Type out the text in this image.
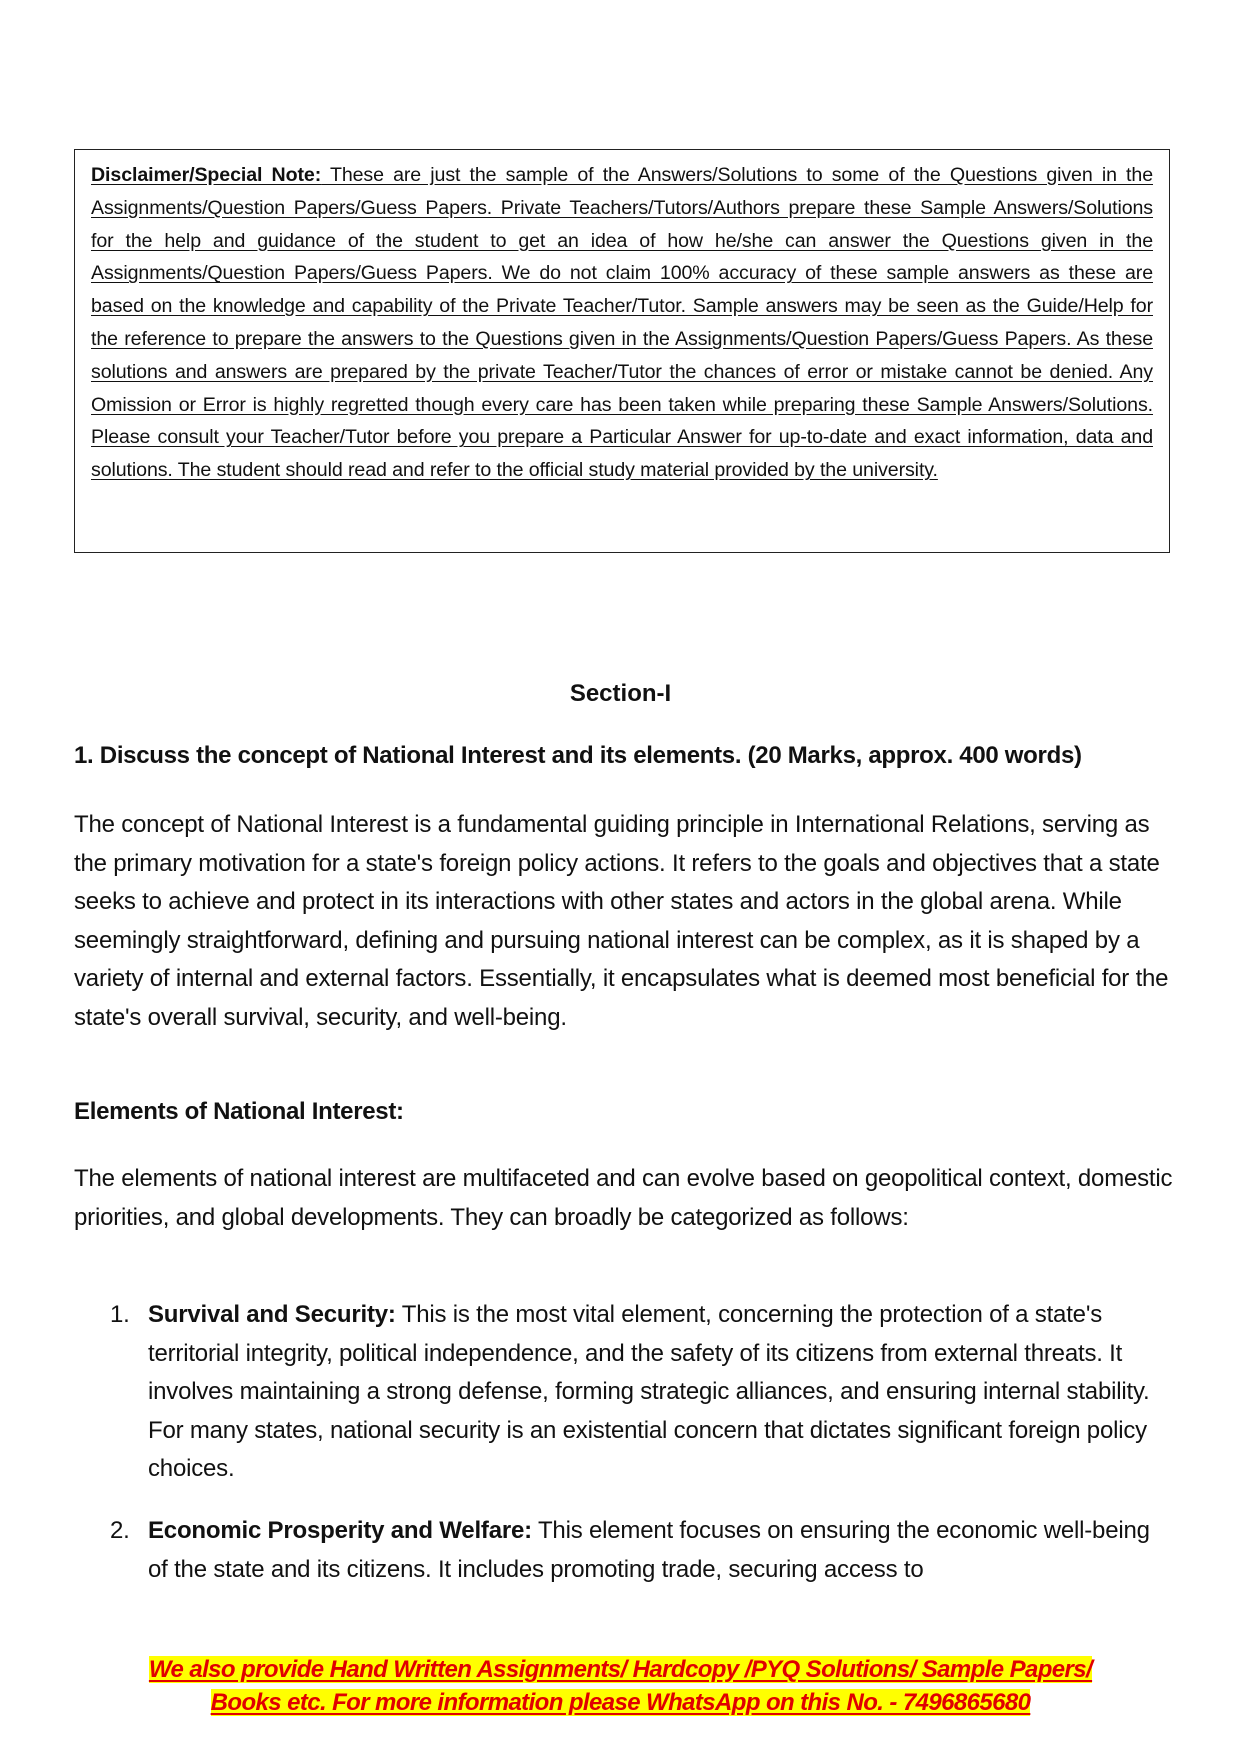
Disclaimer/Special Note: These are just the sample of the Answers/Solutions to some of the Questions given in the Assignments/Question Papers/Guess Papers. Private Teachers/Tutors/Authors prepare these Sample Answers/Solutions for the help and guidance of the student to get an idea of how he/she can answer the Questions given in the Assignments/Question Papers/Guess Papers. We do not claim 100% accuracy of these sample answers as these are based on the knowledge and capability of the Private Teacher/Tutor. Sample answers may be seen as the Guide/Help for the reference to prepare the answers to the Questions given in the Assignments/Question Papers/Guess Papers. As these solutions and answers are prepared by the private Teacher/Tutor the chances of error or mistake cannot be denied. Any Omission or Error is highly regretted though every care has been taken while preparing these Sample Answers/Solutions. Please consult your Teacher/Tutor before you prepare a Particular Answer for up-to-date and exact information, data and solutions. The student should read and refer to the official study material provided by the university.
Section-I
1. Discuss the concept of National Interest and its elements. (20 Marks, approx. 400 words)
The concept of National Interest is a fundamental guiding principle in International Relations, serving as the primary motivation for a state's foreign policy actions. It refers to the goals and objectives that a state seeks to achieve and protect in its interactions with other states and actors in the global arena. While seemingly straightforward, defining and pursuing national interest can be complex, as it is shaped by a variety of internal and external factors. Essentially, it encapsulates what is deemed most beneficial for the state's overall survival, security, and well-being.
Elements of National Interest:
The elements of national interest are multifaceted and can evolve based on geopolitical context, domestic priorities, and global developments. They can broadly be categorized as follows:
1. Survival and Security: This is the most vital element, concerning the protection of a state's territorial integrity, political independence, and the safety of its citizens from external threats. It involves maintaining a strong defense, forming strategic alliances, and ensuring internal stability. For many states, national security is an existential concern that dictates significant foreign policy choices.
2. Economic Prosperity and Welfare: This element focuses on ensuring the economic well-being of the state and its citizens. It includes promoting trade, securing access to
We also provide Hand Written Assignments/ Hardcopy /PYQ Solutions/ Sample Papers/
Books etc. For more information please WhatsApp on this No. - 7496865680
